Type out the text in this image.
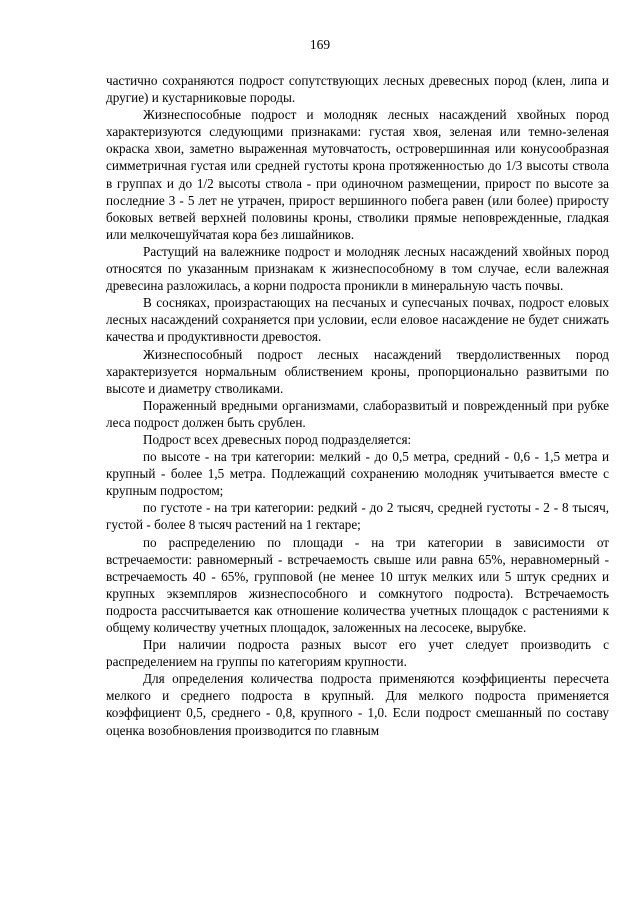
169

частично сохраняются подрост сопутствующих лесных древесных пород (клен, липа и другие) и кустарниковые породы.

Жизнеспособные подрост и молодняк лесных насаждений хвойных пород характеризуются следующими признаками: густая хвоя, зеленая или темно-зеленая окраска хвои, заметно выраженная мутовчатость, островершинная или конусообразная симметричная густая или средней густоты крона протяженностью до 1/3 высоты ствола в группах и до 1/2 высоты ствола - при одиночном размещении, прирост по высоте за последние 3 - 5 лет не утрачен, прирост вершинного побега равен (или более) приросту боковых ветвей верхней половины кроны, стволики прямые неповрежденные, гладкая или мелкочешуйчатая кора без лишайников.

Растущий на валежнике подрост и молодняк лесных насаждений хвойных пород относятся по указанным признакам к жизнеспособному в том случае, если валежная древесина разложилась, а корни подроста проникли в минеральную часть почвы.

В сосняках, произрастающих на песчаных и супесчаных почвах, подрост еловых лесных насаждений сохраняется при условии, если еловое насаждение не будет снижать качества и продуктивности древостоя.

Жизнеспособный подрост лесных насаждений твердолиственных пород характеризуется нормальным облиствением кроны, пропорционально развитыми по высоте и диаметру стволиками.

Пораженный вредными организмами, слаборазвитый и поврежденный при рубке леса подрост должен быть срублен.

Подрост всех древесных пород подразделяется:

по высоте - на три категории: мелкий - до 0,5 метра, средний - 0,6 - 1,5 метра и крупный - более 1,5 метра. Подлежащий сохранению молодняк учитывается вместе с крупным подростом;

по густоте - на три категории: редкий - до 2 тысяч, средней густоты - 2 - 8 тысяч, густой - более 8 тысяч растений на 1 гектаре;

по распределению по площади - на три категории в зависимости от встречаемости: равномерный - встречаемость свыше или равна 65%, неравномерный - встречаемость 40 - 65%, групповой (не менее 10 штук мелких или 5 штук средних и крупных экземпляров жизнеспособного и сомкнутого подроста). Встречаемость подроста рассчитывается как отношение количества учетных площадок с растениями к общему количеству учетных площадок, заложенных на лесосеке, вырубке.

При наличии подроста разных высот его учет следует производить с распределением на группы по категориям крупности.

Для определения количества подроста применяются коэффициенты пересчета мелкого и среднего подроста в крупный. Для мелкого подроста применяется коэффициент 0,5, среднего - 0,8, крупного - 1,0. Если подрост смешанный по составу оценка возобновления производится по главным
